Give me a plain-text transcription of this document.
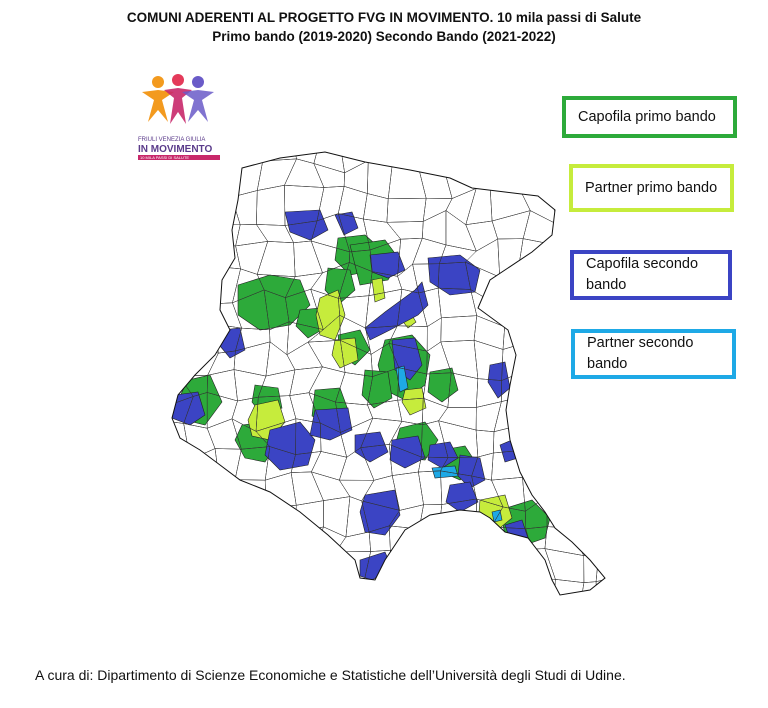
COMUNI ADERENTI AL PROGETTO FVG IN MOVIMENTO. 10 mila passi di Salute
Primo bando (2019-2020) Secondo Bando (2021-2022)
FRIULI VENEZIA GIULIA
IN MOVIMENTO
10 MILA PASSI DI SALUTE
Capofila primo bando
Partner primo bando
Capofila secondo bando
Partner secondo bando
A cura di: Dipartimento di Scienze Economiche e Statistiche dell’Università degli Studi di Udine.
